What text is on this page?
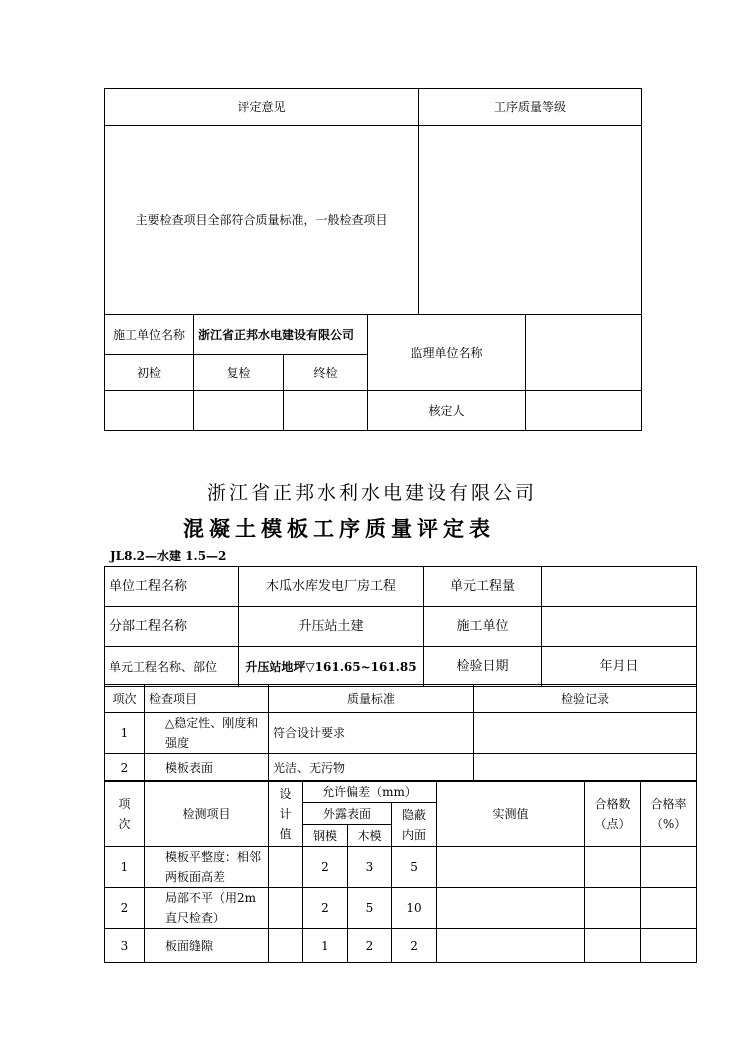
评定意见	工序质量等级
主要检查项目全部符合质量标准，一般检查项目	
施工单位名称	浙江省正邦水电建设有限公司		监理单位名称	
初检	复检	终检		
			核定人	
浙江省正邦水利水电建设有限公司
混凝土模板工序质量评定表
JL8.2—水建 1.5—2
单位工程名称	木瓜水库发电厂房工程	单元工程量	
分部工程名称	升压站土建	施工单位	
单元工程名称、部位	升压站地坪▽161.65~161.85	检验日期	年月日
项次	检查项目	质量标准	检验记录
1	△稳定性、刚度和强度	符合设计要求	
2	模板表面	光洁、无污物	
项次	检测项目	设计值	允许偏差（mm）			实测值	合格数（点）	合格率（%）
			外露表面		隐蔽内面			
			钢模	木模				
1	模板平整度：相邻两板面高差		2	3	5			
2	局部不平（用2m直尺检查）		2	5	10			
3	板面缝隙		1	2	2			
